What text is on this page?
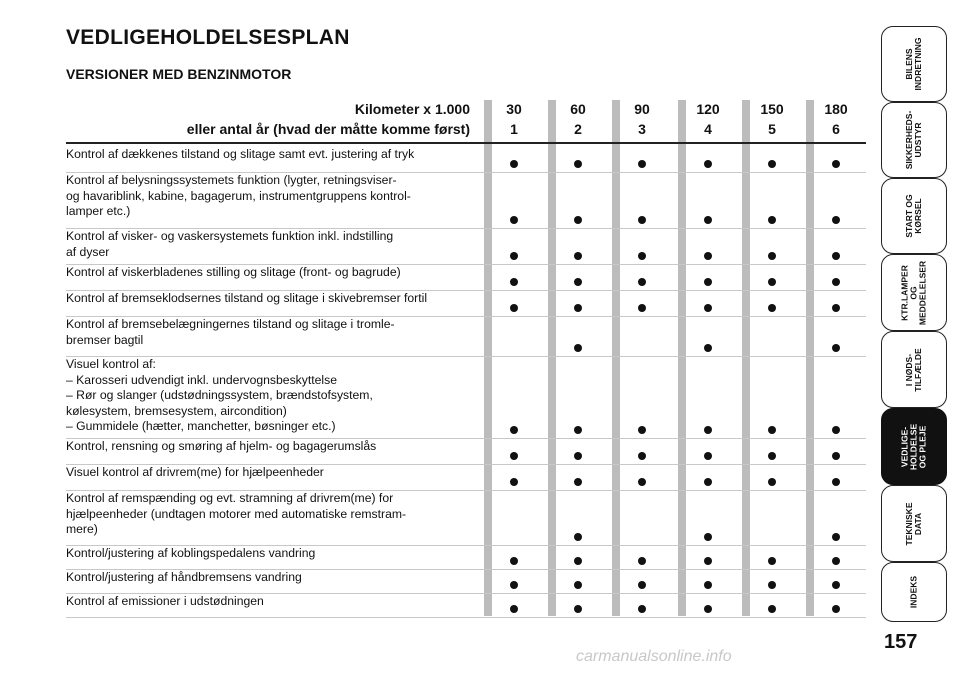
VEDLIGEHOLDELSESPLAN
VERSIONER MED BENZINMOTOR
Kilometer x 1.000
eller antal år (hvad der måtte komme først)
30
1
60
2
90
3
120
4
150
5
180
6
Kontrol af dækkenes tilstand og slitage samt evt. justering af tryk
Kontrol af belysningssystemets funktion (lygter, retningsviser-
og havariblink, kabine, bagagerum, instrumentgruppens kontrol-
lamper etc.)
Kontrol af visker- og vaskersystemets funktion inkl. indstilling
af dyser
Kontrol af viskerbladenes stilling og slitage (front- og bagrude)
Kontrol af bremseklodsernes tilstand og slitage i skivebremser fortil
Kontrol af bremsebelægningernes tilstand og slitage i tromle-
bremser bagtil
Visuel kontrol af:
– Karosseri udvendigt inkl. undervognsbeskyttelse
– Rør og slanger (udstødningssystem, brændstofsystem,
kølesystem, bremsesystem, aircondition)
– Gummidele (hætter, manchetter, bøsninger etc.)
Kontrol, rensning og smøring af hjelm- og bagagerumslås
Visuel kontrol af drivrem(me) for hjælpeenheder
Kontrol af remspænding og evt. stramning af drivrem(me) for
hjælpeenheder (undtagen motorer med automatiske remstram-
mere)
Kontrol/justering af koblingspedalens vandring
Kontrol/justering af håndbremsens vandring
Kontrol af emissioner i udstødningen
BILENS
INDRETNING
SIKKERHEDS-
UDSTYR
START OG
KØRSEL
KTR.LAMPER
OG
MEDDELELSER
I NØDS-
TILFÆLDE
VEDLIGE-
HOLDELSE
OG PLEJE
TEKNISKE
DATA
INDEKS
157
carmanualsonline.info
